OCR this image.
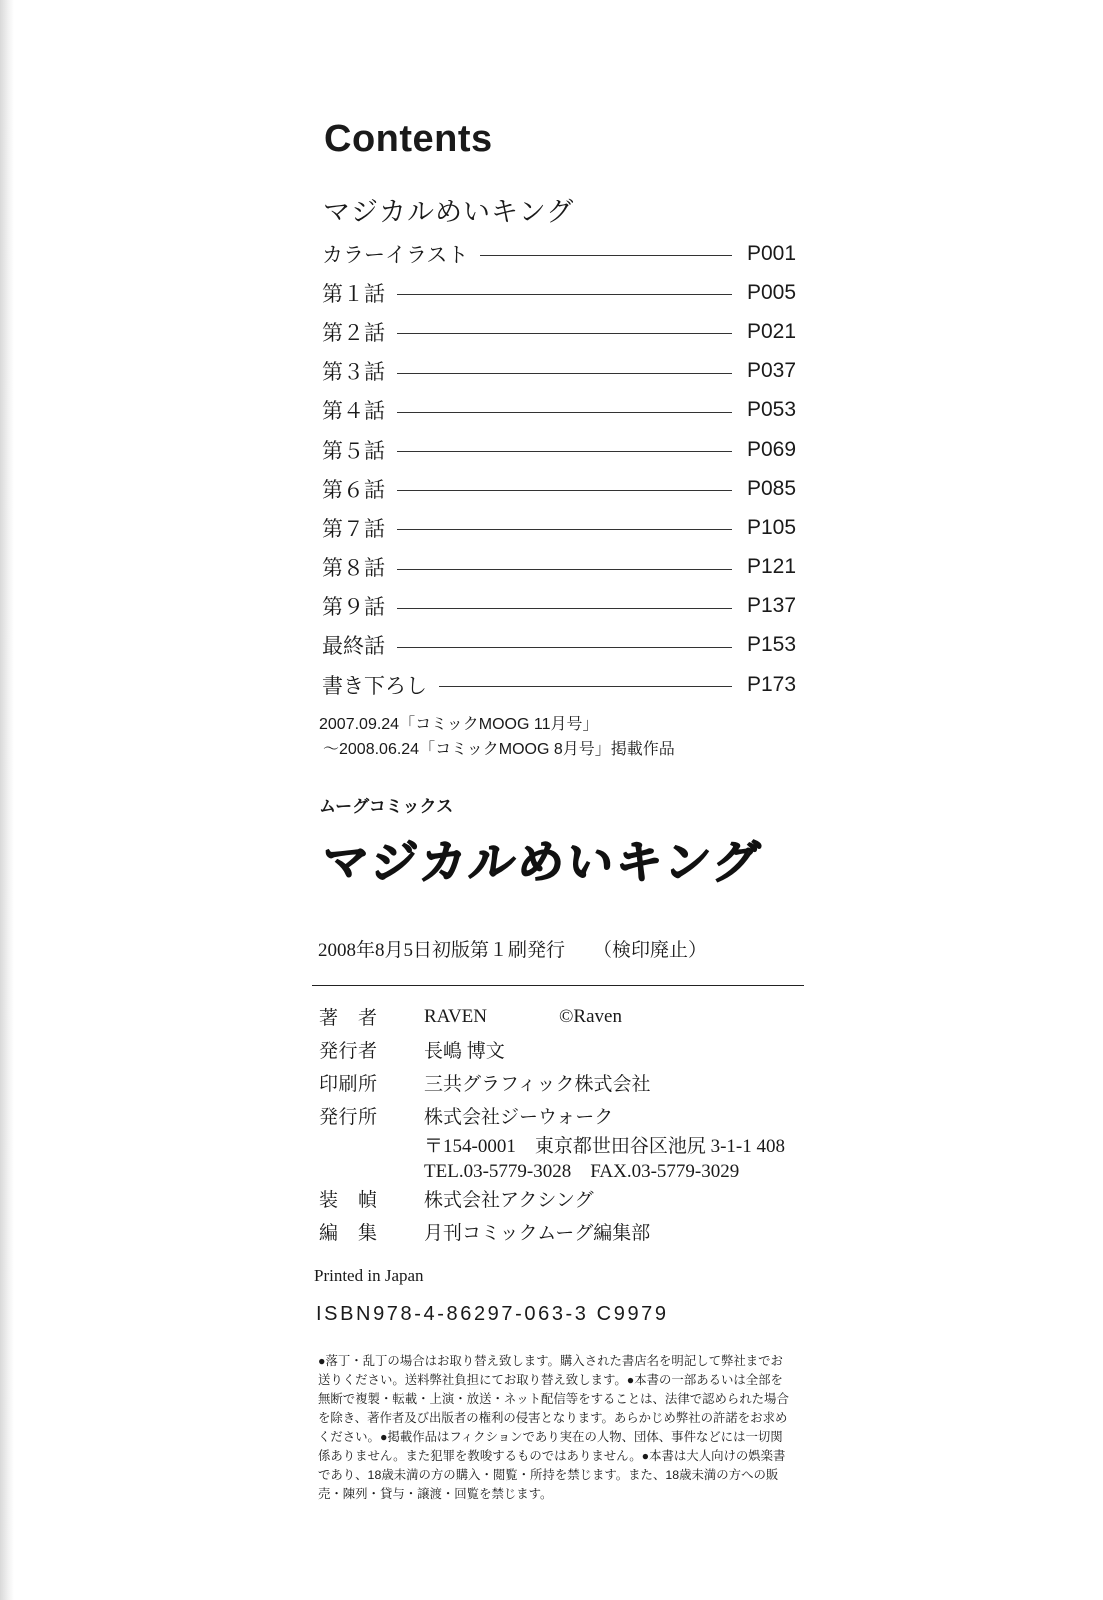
Contents
マジカルめいキング
カラーイラスト	P001
第１話	P005
第２話	P021
第３話	P037
第４話	P053
第５話	P069
第６話	P085
第７話	P105
第８話	P121
第９話	P137
最終話	P153
書き下ろし	P173
2007.09.24「コミックMOOG 11月号」
～2008.06.24「コミックMOOG 8月号」掲載作品
ムーグコミックス
マジカルめいキング
2008年8月5日初版第１刷発行 （検印廃止）
著　者	RAVEN	©Raven
発行者	長嶋 博文
印刷所	三共グラフィック株式会社
発行所	株式会社ジーウォーク
〒154-0001　東京都世田谷区池尻 3-1-1 408
TEL.03-5779-3028　FAX.03-5779-3029
装　幀	株式会社アクシング
編　集	月刊コミックムーグ編集部
Printed in Japan
ISBN978-4-86297-063-3 C9979

●落丁・乱丁の場合はお取り替え致します。購入された書店名を明記して弊社までお送りください。送料弊社負担にてお取り替え致します。●本書の一部あるいは全部を無断で複製・転載・上演・放送・ネット配信等をすることは、法律で認められた場合を除き、著作者及び出版者の権利の侵害となります。あらかじめ弊社の許諾をお求めください。●掲載作品はフィクションであり実在の人物、団体、事件などには一切関係ありません。また犯罪を教唆するものではありません。●本書は大人向けの娯楽書であり、18歳未満の方の購入・閲覧・所持を禁じます。また、18歳未満の方への販売・陳列・貸与・譲渡・回覧を禁じます。
